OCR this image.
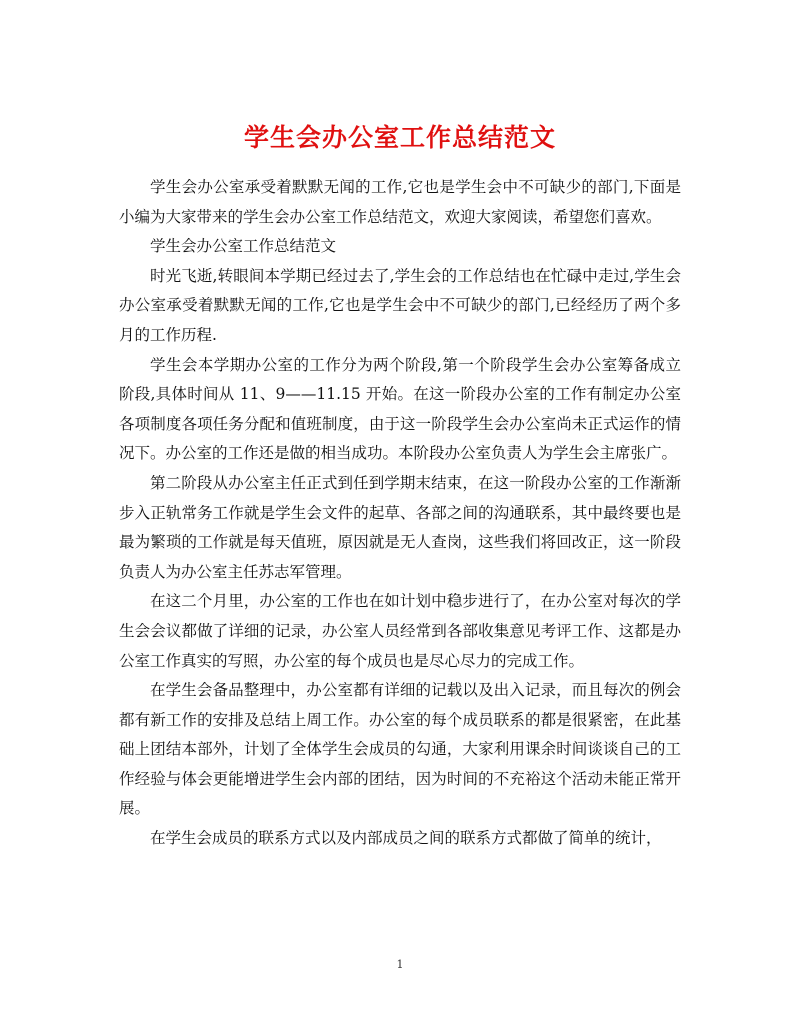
学生会办公室工作总结范文

学生会办公室承受着默默无闻的工作,它也是学生会中不可缺少的部门,下面是小编为大家带来的学生会办公室工作总结范文，欢迎大家阅读，希望您们喜欢。

学生会办公室工作总结范文

时光飞逝,转眼间本学期已经过去了,学生会的工作总结也在忙碌中走过,学生会办公室承受着默默无闻的工作,它也是学生会中不可缺少的部门,已经经历了两个多月的工作历程.

学生会本学期办公室的工作分为两个阶段,第一个阶段学生会办公室筹备成立阶段,具体时间从 11、9——11.15 开始。在这一阶段办公室的工作有制定办公室各项制度各项任务分配和值班制度，由于这一阶段学生会办公室尚未正式运作的情况下。办公室的工作还是做的相当成功。本阶段办公室负责人为学生会主席张广。

第二阶段从办公室主任正式到任到学期末结束，在这一阶段办公室的工作渐渐步入正轨常务工作就是学生会文件的起草、各部之间的沟通联系，其中最终要也是最为繁琐的工作就是每天值班，原因就是无人查岗，这些我们将回改正，这一阶段负责人为办公室主任苏志军管理。

在这二个月里，办公室的工作也在如计划中稳步进行了，在办公室对每次的学生会会议都做了详细的记录，办公室人员经常到各部收集意见考评工作、这都是办公室工作真实的写照，办公室的每个成员也是尽心尽力的完成工作。

在学生会备品整理中，办公室都有详细的记载以及出入记录，而且每次的例会都有新工作的安排及总结上周工作。办公室的每个成员联系的都是很紧密，在此基础上团结本部外，计划了全体学生会成员的勾通，大家利用课余时间谈谈自己的工作经验与体会更能增进学生会内部的团结，因为时间的不充裕这个活动未能正常开展。

在学生会成员的联系方式以及内部成员之间的联系方式都做了简单的统计，

1
